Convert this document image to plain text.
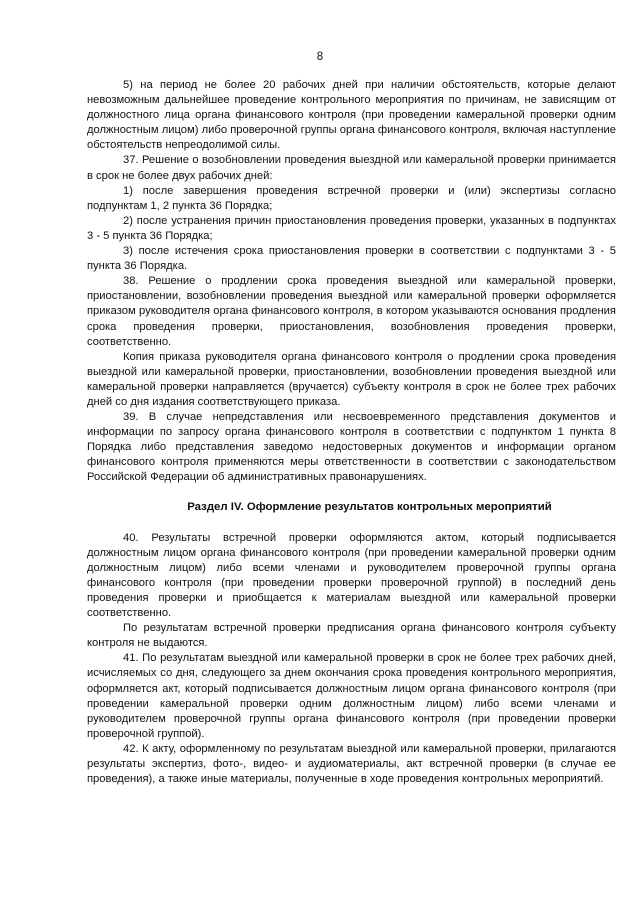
8

5) на период не более 20 рабочих дней при наличии обстоятельств, которые делают невозможным дальнейшее проведение контрольного мероприятия по причинам, не зависящим от должностного лица органа финансового контроля (при проведении камеральной проверки одним должностным лицом) либо проверочной группы органа финансового контроля, включая наступление обстоятельств непреодолимой силы.

37. Решение о возобновлении проведения выездной или камеральной проверки принимается в срок не более двух рабочих дней:

1) после завершения проведения встречной проверки и (или) экспертизы согласно подпунктам 1, 2 пункта 36 Порядка;

2) после устранения причин приостановления проведения проверки, указанных в подпунктах 3 - 5 пункта 36 Порядка;

3) после истечения срока приостановления проверки в соответствии с подпунктами 3 - 5 пункта 36 Порядка.

38. Решение о продлении срока проведения выездной или камеральной проверки, приостановлении, возобновлении проведения выездной или камеральной проверки оформляется приказом руководителя органа финансового контроля, в котором указываются основания продления срока проведения проверки, приостановления, возобновления проведения проверки, соответственно.

Копия приказа руководителя органа финансового контроля о продлении срока проведения выездной или камеральной проверки, приостановлении, возобновлении проведения выездной или камеральной проверки направляется (вручается) субъекту контроля в срок не более трех рабочих дней со дня издания соответствующего приказа.

39. В случае непредставления или несвоевременного представления документов и информации по запросу органа финансового контроля в соответствии с подпунктом 1 пункта 8 Порядка либо представления заведомо недостоверных документов и информации органом финансового контроля применяются меры ответственности в соответствии с законодательством Российской Федерации об административных правонарушениях.

Раздел IV. Оформление результатов контрольных мероприятий

40. Результаты встречной проверки оформляются актом, который подписывается должностным лицом органа финансового контроля (при проведении камеральной проверки одним должностным лицом) либо всеми членами и руководителем проверочной группы органа финансового контроля (при проведении проверки проверочной группой) в последний день проведения проверки и приобщается к материалам выездной или камеральной проверки соответственно.

По результатам встречной проверки предписания органа финансового контроля субъекту контроля не выдаются.

41. По результатам выездной или камеральной проверки в срок не более трех рабочих дней, исчисляемых со дня, следующего за днем окончания срока проведения контрольного мероприятия, оформляется акт, который подписывается должностным лицом органа финансового контроля (при проведении камеральной проверки одним должностным лицом) либо всеми членами и руководителем проверочной группы органа финансового контроля (при проведении проверки проверочной группой).

42. К акту, оформленному по результатам выездной или камеральной проверки, прилагаются результаты экспертиз, фото-, видео- и аудиоматериалы, акт встречной проверки (в случае ее проведения), а также иные материалы, полученные в ходе проведения контрольных мероприятий.
